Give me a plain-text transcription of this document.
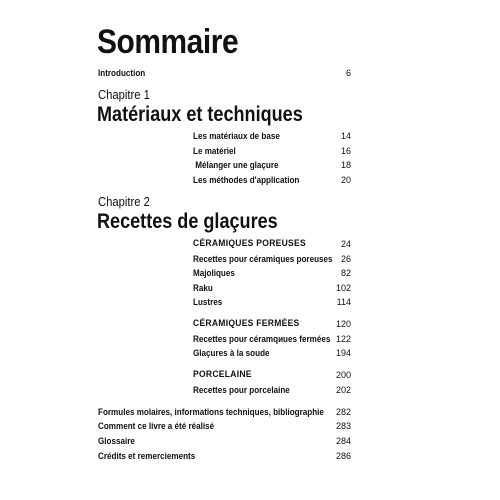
Sommaire
Introduction	6
Chapitre 1
Matériaux et techniques
Les matériaux de base	14
Le matériel	16
Mélanger une glaçure	18
Les méthodes d'application	20
Chapitre 2
Recettes de glaçures
CÉRAMIQUES POREUSES	24
Recettes pour céramiques poreuses 26
Majoliques	82
Raku	102
Lustres	114
CÉRAMIQUES FERMÉES	120
Recettes pour céramqиues fermées 122
Glaçures à la soude	194
PORCELAINE	200
Recettes pour porcelaine	202
Formules molaires, informations techniques, bibliographie 282
Comment ce livre a été réalisé	283
Glossaire	284
Crédits et remerciements	286
